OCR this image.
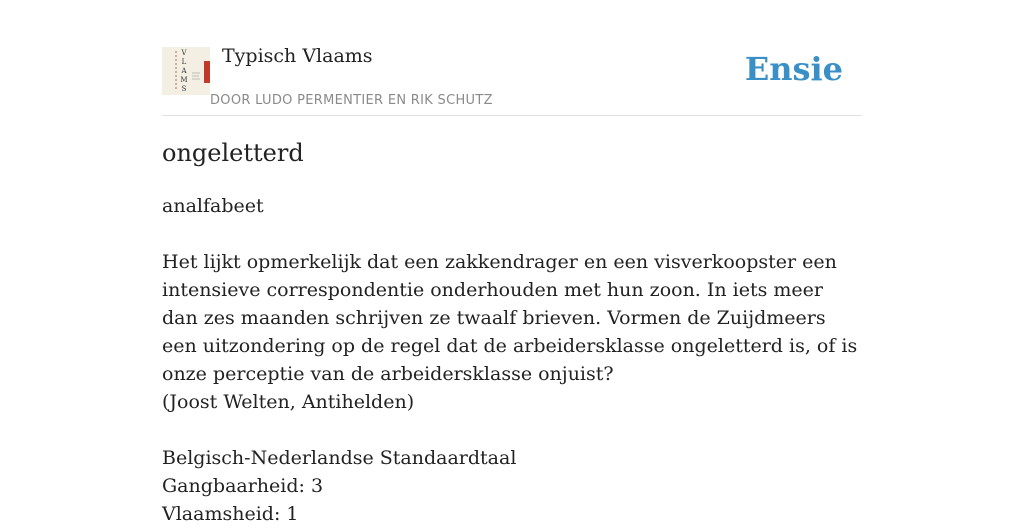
V
L
A
M
S
Typisch Vlaams
DOOR LUDO PERMENTIER EN RIK SCHUTZ
Ensie
ongeletterd

analfabeet

Het lijkt opmerkelijk dat een zakkendrager en een visverkoopster een intensieve correspondentie onderhouden met hun zoon. In iets meer dan zes maanden schrijven ze twaalf brieven. Vormen de Zuijdmeers een uitzondering op de regel dat de arbeidersklasse ongeletterd is, of is onze perceptie van de arbeidersklasse onjuist?

(Joost Welten, Antihelden)

Belgisch-Nederlandse Standaardtaal

Gangbaarheid: 3

Vlaamsheid: 1
